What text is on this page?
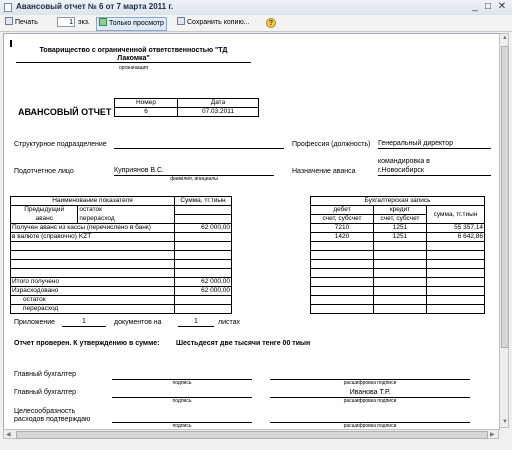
Авансовый отчет № 6 от 7 марта 2011 г.	_ □ ✕
Печать	1 экз.	Только просмотр	Сохранить копию...	?
Товарищество с ограниченной ответственностью "ТД
Лакомка"
организация
АВАНСОВЫЙ ОТЧЕТ
Номер	Дата
6	07.03.2011
Структурное подразделение	Профессия (должность) Генеральный директор
Подотчетное лицо	Куприянов В.С.
фамилия, инициалы
Назначение аванса
командировка в
г.Новосибирск
Наименование показателя		Сумма, тг.тиын
Предыдущий	остаток	
аванс	перерасход	
Получен аванс из кассы (перечислено в банк)		62 000,00
в валюте (справочно)	KZT	

Итого получено		62 000,00
Израсходовано		62 000,00
остаток		
перерасход		
Бухгалтерская запись		
дебет	кредит	сумма, тг.тиын
счет, субсчет	счет, субсчет	
7210	1251	55 357,14
1420	1251	6 642,86

Приложение	1	документов на	1	листах
Отчет проверен. К утверждению в сумме: Шестьдесят две тысячи тенге 00 тиын
Главный бухгалтер
подпись	расшифровка подписи
Главный бухгалтер
подпись
Иванова Т.Р.
расшифровка подписи
Целесообразность
расходов подтверждаю
подпись	расшифровка подписи
▲
▼
◀	▶
